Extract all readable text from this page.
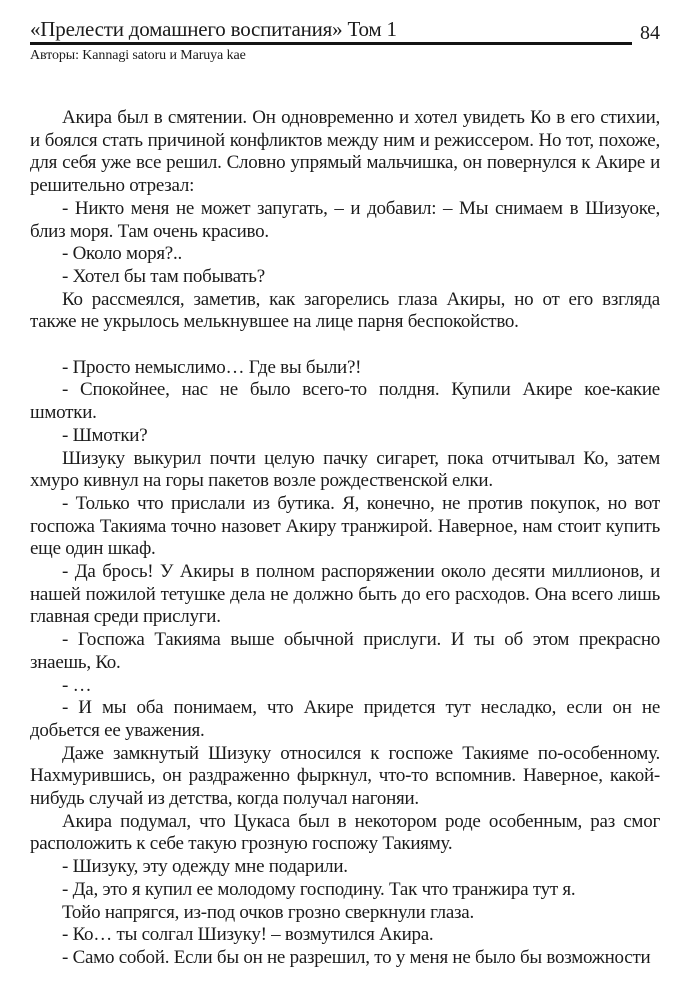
«Прелести домашнего воспитания» Том 1	84
Авторы: Kannagi satoru и Maruya kae

Акира был в смятении. Он одновременно и хотел увидеть Ко в его стихии, и боялся стать причиной конфликтов между ним и режиссером. Но тот, похоже, для себя уже все решил. Словно упрямый мальчишка, он повернулся к Акире и решительно отрезал:

- Никто меня не может запугать, – и добавил: – Мы снимаем в Шизуоке, близ моря. Там очень красиво.

- Около моря?..

- Хотел бы там побывать?

Ко рассмеялся, заметив, как загорелись глаза Акиры, но от его взгляда также не укрылось мелькнувшее на лице парня беспокойство.

- Просто немыслимо… Где вы были?!

- Спокойнее, нас не было всего-то полдня. Купили Акире кое-какие шмотки.

- Шмотки?

Шизуку выкурил почти целую пачку сигарет, пока отчитывал Ко, затем хмуро кивнул на горы пакетов возле рождественской елки.

- Только что прислали из бутика. Я, конечно, не против покупок, но вот госпожа Такияма точно назовет Акиру транжирой. Наверное, нам стоит купить еще один шкаф.

- Да брось! У Акиры в полном распоряжении около десяти миллионов, и нашей пожилой тетушке дела не должно быть до его расходов. Она всего лишь главная среди прислуги.

- Госпожа Такияма выше обычной прислуги. И ты об этом прекрасно знаешь, Ко.

- …

- И мы оба понимаем, что Акире придется тут несладко, если он не добьется ее уважения.

Даже замкнутый Шизуку относился к госпоже Такияме по-особенному. Нахмурившись, он раздраженно фыркнул, что-то вспомнив. Наверное, какой-нибудь случай из детства, когда получал нагоняи.

Акира подумал, что Цукаса был в некотором роде особенным, раз смог расположить к себе такую грозную госпожу Такияму.

- Шизуку, эту одежду мне подарили.

- Да, это я купил ее молодому господину. Так что транжира тут я.

Тойо напрягся, из-под очков грозно сверкнули глаза.

- Ко… ты солгал Шизуку! – возмутился Акира.

- Само собой. Если бы он не разрешил, то у меня не было бы возможности
